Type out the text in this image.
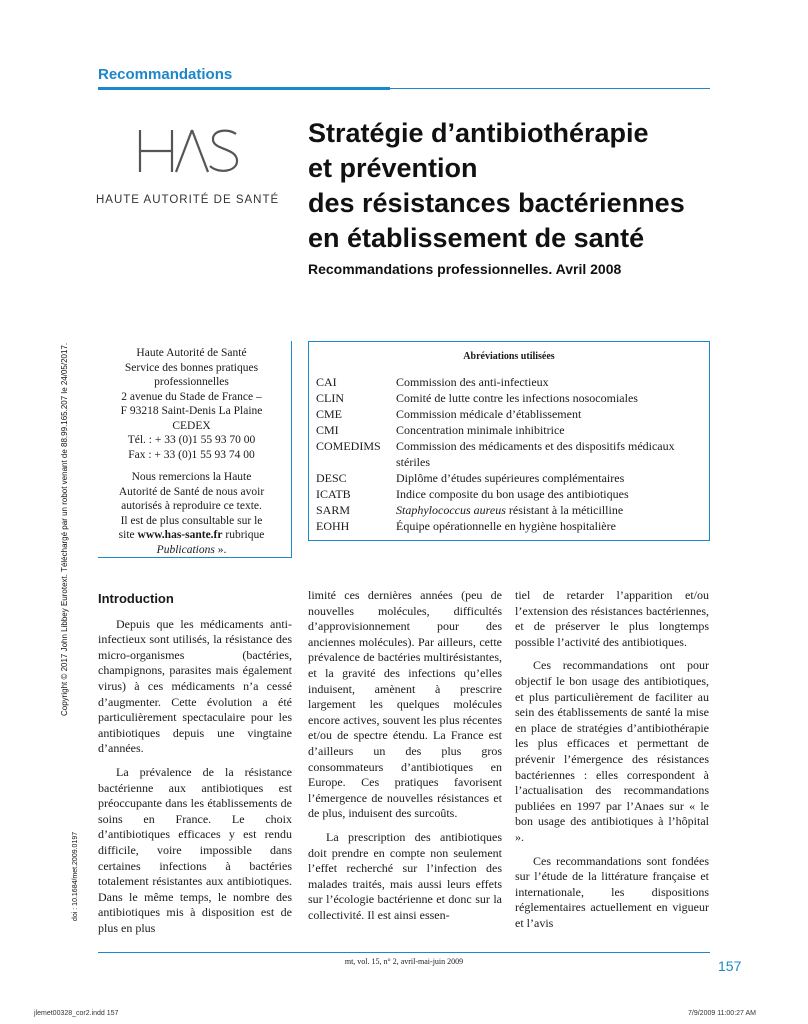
Recommandations
HAUTE AUTORITÉ DE SANTÉ
Stratégie d’antibiothérapie
et prévention
des résistances bactériennes
en établissement de santé
Recommandations professionnelles. Avril 2008
Copyright © 2017 John Libbey Eurotext. Téléchargé par un robot venant de 88.99.165.207 le 24/05/2017.
doi : 10.1684/met.2009.0197

Haute Autorité de Santé
Service des bonnes pratiques
professionnelles
2 avenue du Stade de France –
F 93218 Saint-Denis La Plaine
CEDEX
Tél. : + 33 (0)1 55 93 70 00
Fax : + 33 (0)1 55 93 74 00

Nous remercions la Haute
Autorité de Santé de nous avoir
autorisés à reproduire ce texte.
Il est de plus consultable sur le
site www.has-sante.fr rubrique
Publications ».

Abréviations utilisées
CAI	Commission des anti-infectieux
CLIN	Comité de lutte contre les infections nosocomiales
CME	Commission médicale d’établissement
CMI	Concentration minimale inhibitrice
COMEDIMS	Commission des médicaments et des dispositifs médicaux stériles
DESC	Diplôme d’études supérieures complémentaires
ICATB	Indice composite du bon usage des antibiotiques
SARM	Staphylococcus aureus résistant à la méticilline
EOHH	Équipe opérationnelle en hygiène hospitalière
Introduction

Depuis que les médicaments anti-infectieux sont utilisés, la résistance des micro-organismes (bactéries, champignons, parasites mais également virus) à ces médicaments n’a cessé d’augmenter. Cette évolution a été particulièrement spectaculaire pour les antibiotiques depuis une vingtaine d’années.

La prévalence de la résistance bactérienne aux antibiotiques est préoccupante dans les établissements de soins en France. Le choix d’antibiotiques efficaces y est rendu difficile, voire impossible dans certaines infections à bactéries totalement résistantes aux antibiotiques. Dans le même temps, le nombre des antibiotiques mis à disposition est de plus en plus

limité ces dernières années (peu de nouvelles molécules, difficultés d’approvisionnement pour des anciennes molécules). Par ailleurs, cette prévalence de bactéries multirésistantes, et la gravité des infections qu’elles induisent, amènent à prescrire largement les quelques molécules encore actives, souvent les plus récentes et/ou de spectre étendu. La France est d’ailleurs un des plus gros consommateurs d’antibiotiques en Europe. Ces pratiques favorisent l’émergence de nouvelles résistances et de plus, induisent des surcoûts.

La prescription des antibiotiques doit prendre en compte non seulement l’effet recherché sur l’infection des malades traités, mais aussi leurs effets sur l’écologie bactérienne et donc sur la collectivité. Il est ainsi essen-

tiel de retarder l’apparition et/ou l’extension des résistances bactériennes, et de préserver le plus longtemps possible l’activité des antibiotiques.

Ces recommandations ont pour objectif le bon usage des antibiotiques, et plus particulièrement de faciliter au sein des établissements de santé la mise en place de stratégies d’antibiothérapie les plus efficaces et permettant de prévenir l’émergence des résistances bactériennes : elles correspondent à l’actualisation des recommandations publiées en 1997 par l’Anaes sur « le bon usage des antibiotiques à l’hôpital ».

Ces recommandations sont fondées sur l’étude de la littérature française et internationale, les dispositions réglementaires actuellement en vigueur et l’avis

mt, vol. 15, n° 2, avril-mai-juin 2009	157
jlemet00328_cor2.indd 157	7/9/2009 11:00:27 AM
